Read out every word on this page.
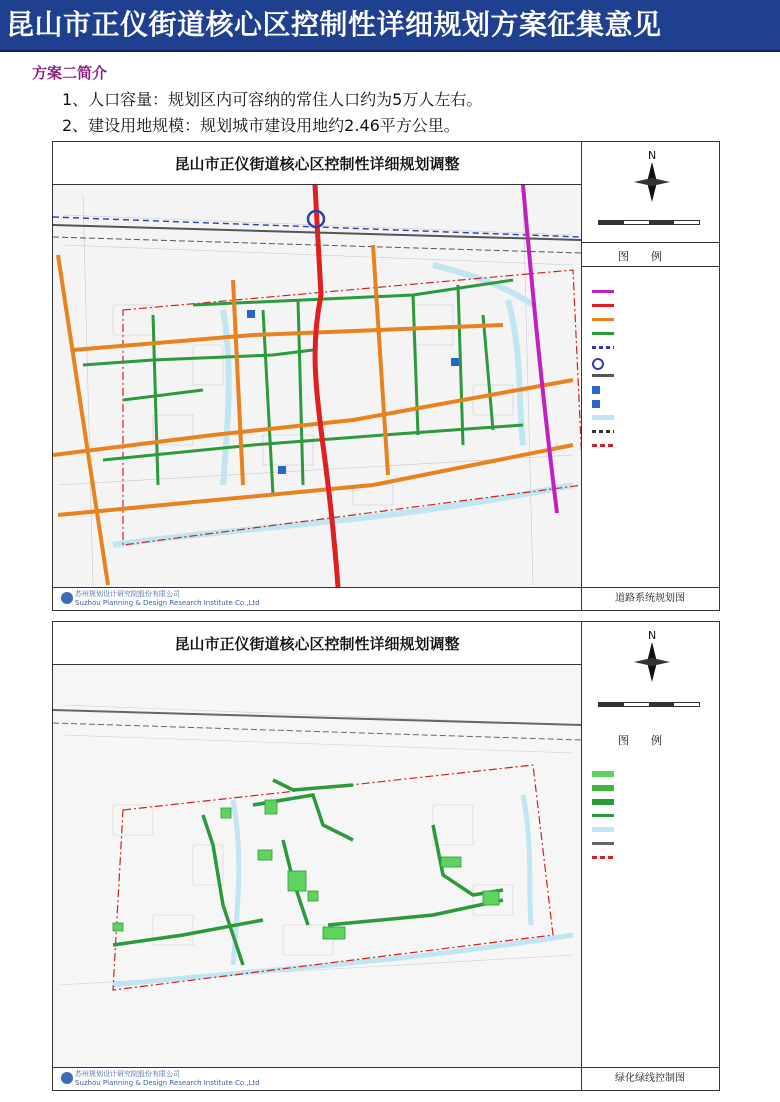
昆山市正仪街道核心区控制性详细规划方案征集意见
方案二简介
1、人口容量：规划区内可容纳的常住人口约为5万人左右。
2、建设用地规模：规划城市建设用地约2.46平方公里。
昆山市正仪街道核心区控制性详细规划调整	N
图例
苏州规划设计研究院股份有限公司
Suzhou Planning & Design Research Institute Co.,Ltd	道路系统规划图
昆山市正仪街道核心区控制性详细规划调整	N
图例
苏州规划设计研究院股份有限公司
Suzhou Planning & Design Research Institute Co.,Ltd	绿化绿线控制图
